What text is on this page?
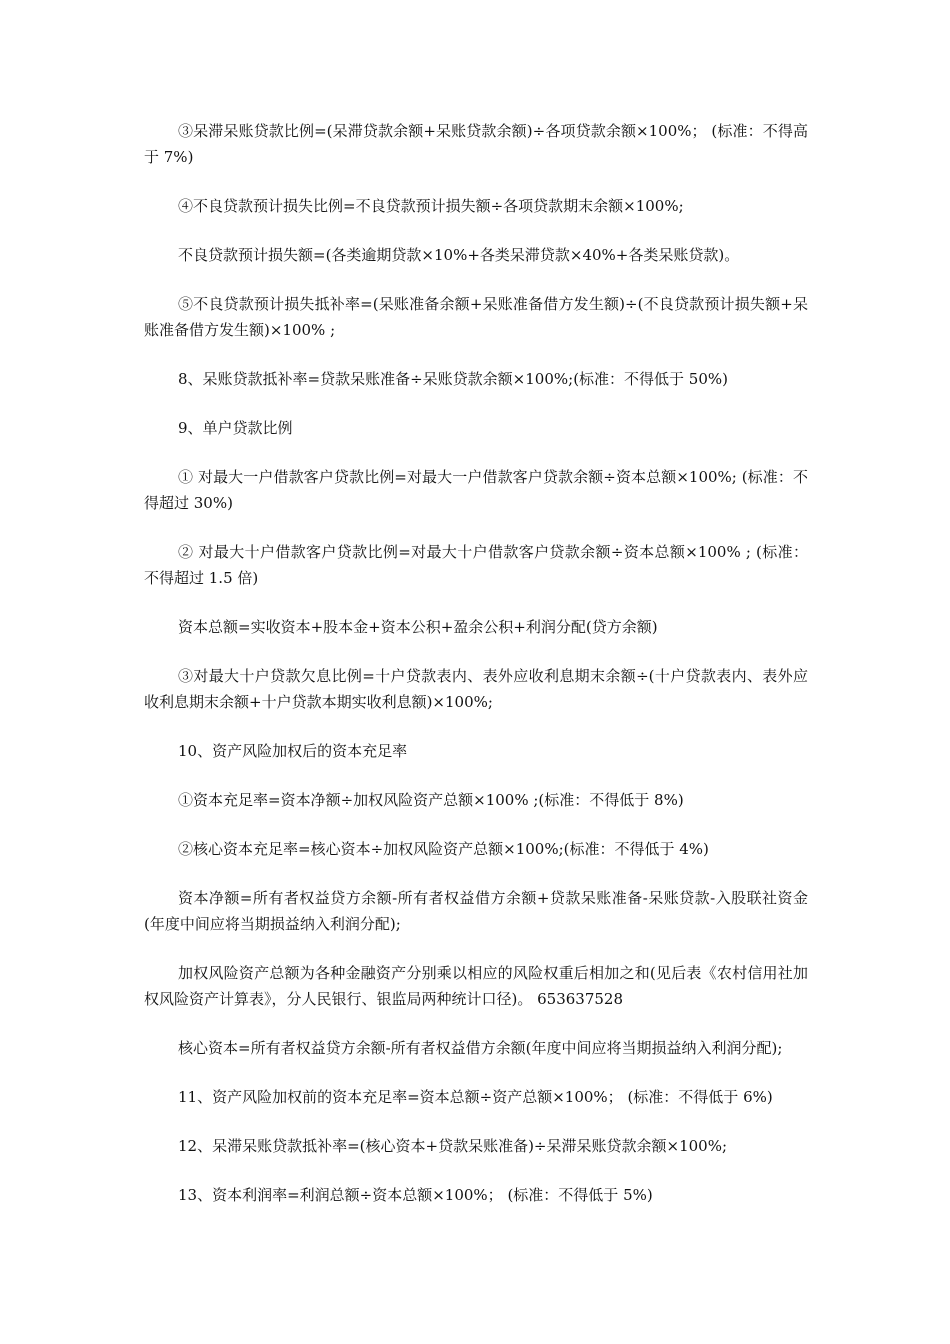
③呆滞呆账贷款比例=(呆滞贷款余额+呆账贷款余额)÷各项贷款余额×100%； (标准：不得高于 7%)

④不良贷款预计损失比例=不良贷款预计损失额÷各项贷款期末余额×100%;

不良贷款预计损失额=(各类逾期贷款×10%+各类呆滞贷款×40%+各类呆账贷款)。

⑤不良贷款预计损失抵补率=(呆账准备余额+呆账准备借方发生额)÷(不良贷款预计损失额+呆账准备借方发生额)×100% ;

8、呆账贷款抵补率=贷款呆账准备÷呆账贷款余额×100%;(标准：不得低于 50%)

9、单户贷款比例

① 对最大一户借款客户贷款比例=对最大一户借款客户贷款余额÷资本总额×100%; (标准：不得超过 30%)

② 对最大十户借款客户贷款比例=对最大十户借款客户贷款余额÷资本总额×100% ; (标准：不得超过 1.5 倍)

资本总额=实收资本+股本金+资本公积+盈余公积+利润分配(贷方余额)

③对最大十户贷款欠息比例=十户贷款表内、表外应收利息期末余额÷(十户贷款表内、表外应收利息期末余额+十户贷款本期实收利息额)×100%;

10、资产风险加权后的资本充足率

①资本充足率=资本净额÷加权风险资产总额×100% ;(标准：不得低于 8%)

②核心资本充足率=核心资本÷加权风险资产总额×100%;(标准：不得低于 4%)

资本净额=所有者权益贷方余额-所有者权益借方余额+贷款呆账准备-呆账贷款-入股联社资金(年度中间应将当期损益纳入利润分配);

加权风险资产总额为各种金融资产分别乘以相应的风险权重后相加之和(见后表《农村信用社加权风险资产计算表》，分人民银行、银监局两种统计口径)。 653637528

核心资本=所有者权益贷方余额-所有者权益借方余额(年度中间应将当期损益纳入利润分配);

11、资产风险加权前的资本充足率=资本总额÷资产总额×100%； (标准：不得低于 6%)

12、呆滞呆账贷款抵补率=(核心资本+贷款呆账准备)÷呆滞呆账贷款余额×100%;

13、资本利润率=利润总额÷资本总额×100%； (标准：不得低于 5%)
